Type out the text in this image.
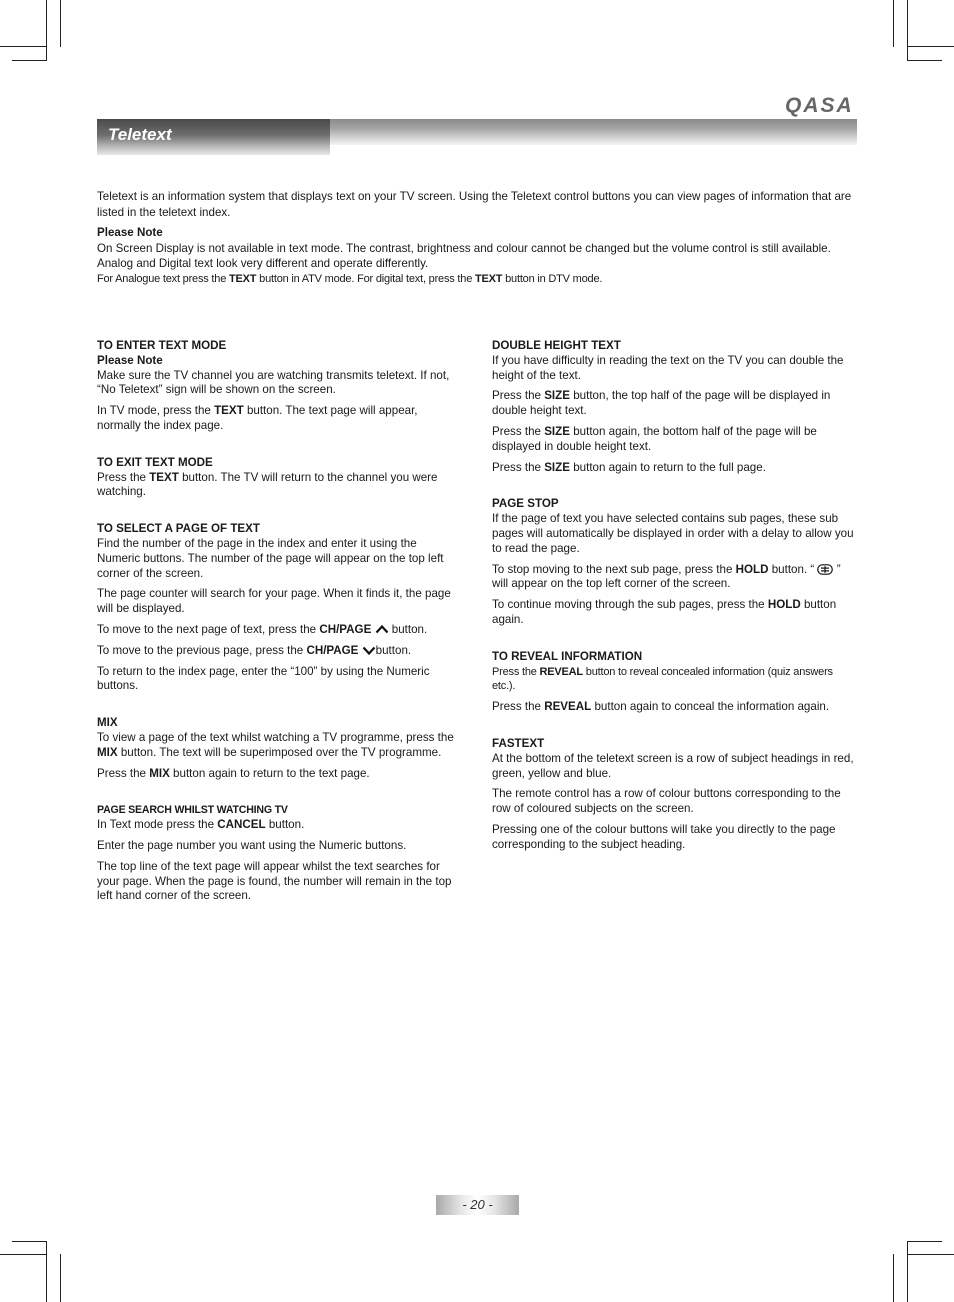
QASA
Teletext

Teletext is an information system that displays text on your TV screen. Using the Teletext control buttons you can view pages of information that are listed in the teletext index.

Please Note

On Screen Display is not available in text mode. The contrast, brightness and colour cannot be changed but the volume control is still available.

Analog and Digital text look very different and operate differently.

For Analogue text press the TEXT button in ATV mode. For digital text, press the TEXT button in DTV mode.

TO ENTER TEXT MODE
Please Note

Make sure the TV channel you are watching transmits teletext. If not, “No Teletext” sign will be shown on the screen.

In TV mode, press the TEXT button. The text page will appear, normally the index page.

TO EXIT TEXT MODE

Press the TEXT button. The TV will return to the channel you were watching.

TO SELECT A PAGE OF TEXT

Find the number of the page in the index and enter it using the Numeric buttons. The number of the page will appear on the top left corner of the screen.

The page counter will search for your page. When it finds it, the page will be displayed.

To move to the next page of text, press the CH/PAGE  button.

To move to the previous page, press the CH/PAGE button.

To return to the index page, enter the “100” by using the Numeric buttons.

MIX

To view a page of the text whilst watching a TV programme, press the MIX button. The text will be superimposed over the TV programme.

Press the MIX button again to return to the text page.

PAGE SEARCH WHILST WATCHING TV

In Text mode press the CANCEL button.

Enter the page number you want using the Numeric buttons.

The top line of the text page will appear whilst the text searches for your page. When the page is found, the number will remain in the top left hand corner of the screen.

DOUBLE HEIGHT TEXT

If you have difficulty in reading the text on the TV you can double the height of the text.

Press the SIZE button, the top half of the page will be displayed in double height text.

Press the SIZE button again, the bottom half of the page will be displayed in double height text.

Press the SIZE button again to return to the full page.

PAGE STOP

If the page of text you have selected contains sub pages, these sub pages will automatically be displayed in order with a delay to allow you to read the page.

To stop moving to the next sub page, press the HOLD button. “  ” will appear on the top left corner of the screen.

To continue moving through the sub pages, press the HOLD button again.

TO REVEAL INFORMATION

Press the REVEAL button to reveal concealed information (quiz answers etc.).

Press the REVEAL button again to conceal the information again.

FASTEXT

At the bottom of the teletext screen is a row of subject headings in red, green, yellow and blue.

The remote control has a row of colour buttons corresponding to the row of coloured subjects on the screen.

Pressing one of the colour buttons will take you directly to the page corresponding to the subject heading.

- 20 -
